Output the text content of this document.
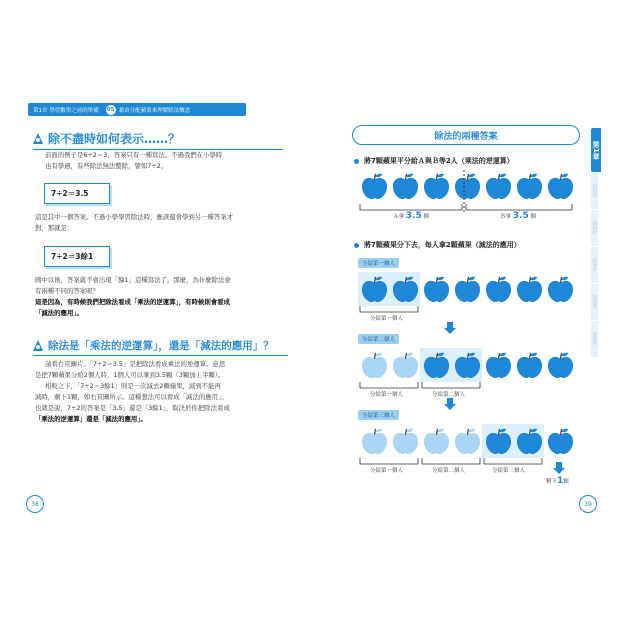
第1章 學習數學之前的準備	05 藉由分配蘋果來理解除法概念
除不盡時如何表示……？
前面的例子是6÷2＝3，答案只有一種寫法。不過我們在小學時
也有學過，有些除法無法整除，譬如7÷2。
7÷2＝3.5
這是其中一個答案。不過小學學習除法時，應該還會學到另一種答案才
對，那就是：
7÷2＝3餘1
國中以後，答案就不會出現「餘1」這種寫法了。那麼，為什麼除法會
有兩種不同的答案呢？
這是因為，有時候我們把除法看成「乘法的逆運算」，有時候則會看成
「減法的應用」。
除法是「乘法的逆運算」，還是「減法的應用」？
請看右頁圖片。「7÷2＝3.5」是把除法看成乘法的逆運算。意思
是把7顆蘋果分給2個人時，1個人可以拿到3.5顆（3顆加上半顆）。
相較之下，「7÷2＝3餘1」則是一次減去2顆蘋果，減到不能再
減時，剩下1顆，如右頁圖所示。這種想法可以看成「減法的應用」。
也就是說，7÷2的答案是「3.5」還是「3餘1」，取決於你把除法看成
「乘法的逆運算」還是「減法的應用」。
38
除法的兩種答案
將7顆蘋果平分給Ａ與Ｂ等2人（乘法的逆運算）
Ａ拿 3.5 個	Ｂ拿 3.5 個
將7顆蘋果分下去，每人拿2顆蘋果（減法的應用）
分給第一個人
分給第一個人
分給第二個人
分給第一個人	分給第二個人
分給第三個人
分給第一個人	分給第二個人	分給第三個人
剩下1顆
39
第1章
第2章
第3章
第4章
第5章
第6章
